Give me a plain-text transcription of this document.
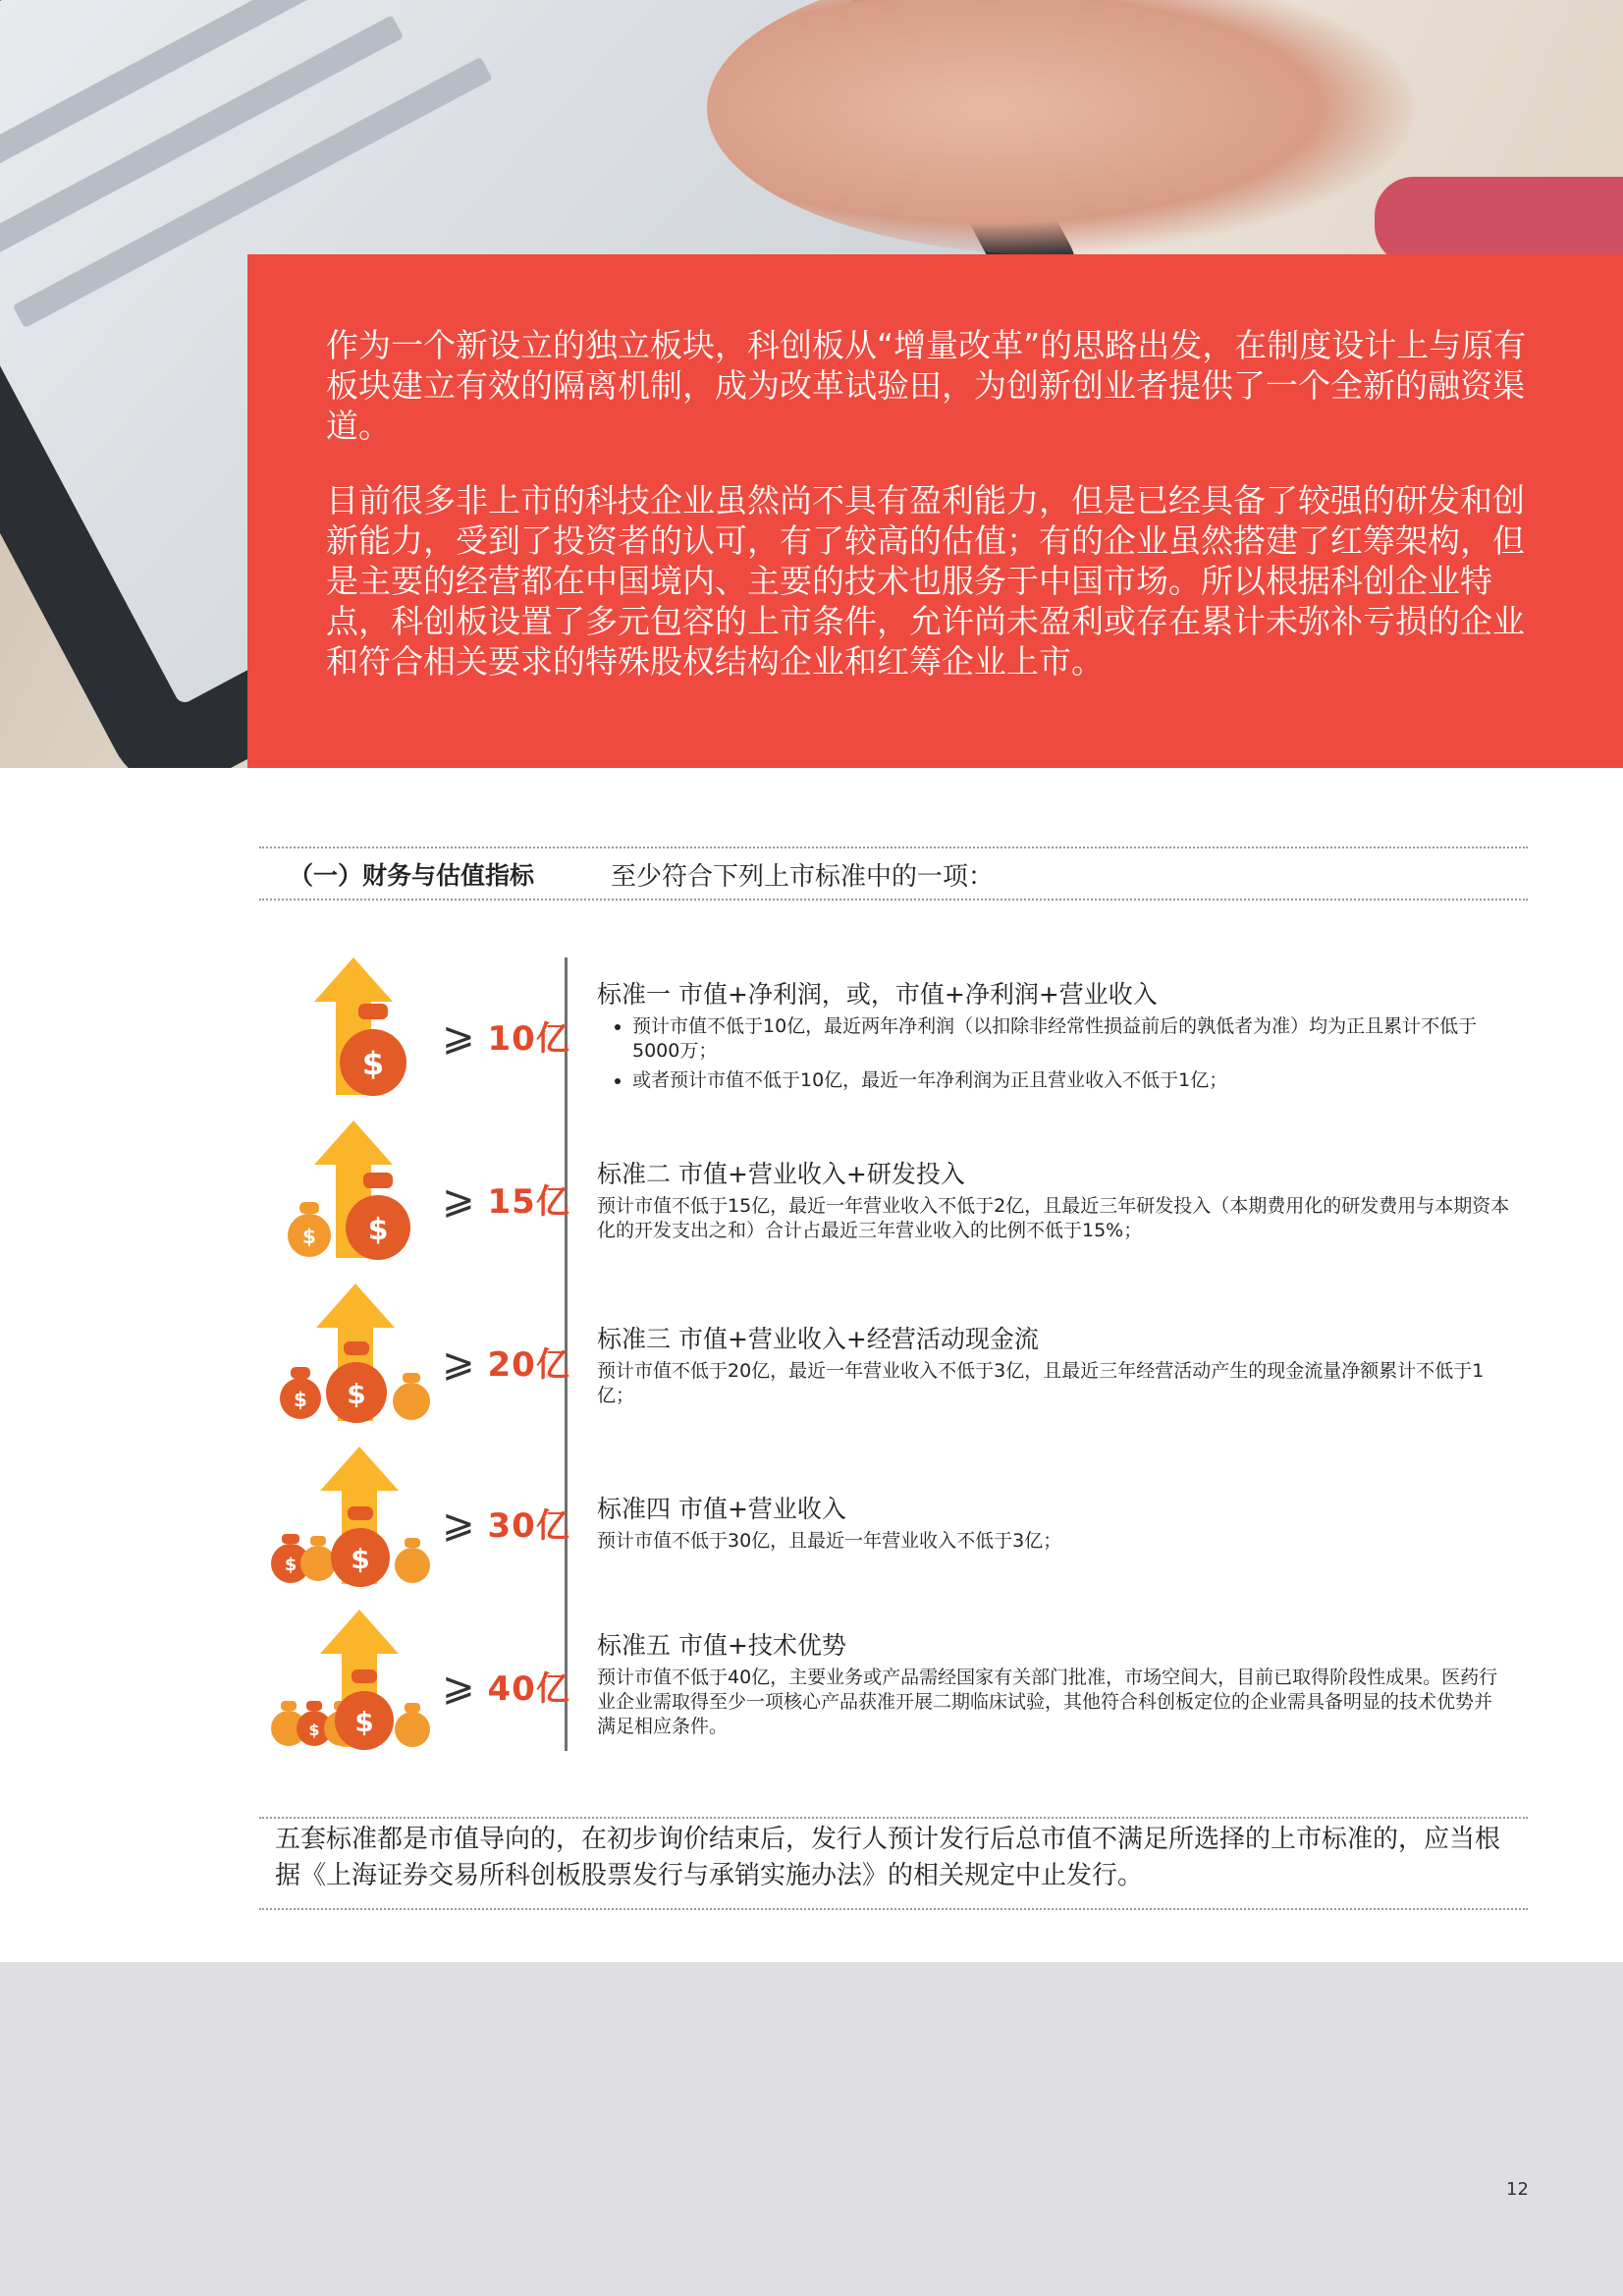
作为一个新设立的独立板块，科创板从“增量改革”的思路出发，在制度设计上与原有板块建立有效的隔离机制，成为改革试验田，为创新创业者提供了一个全新的融资渠道。

目前很多非上市的科技企业虽然尚不具有盈利能力，但是已经具备了较强的研发和创新能力，受到了投资者的认可，有了较高的估值；有的企业虽然搭建了红筹架构，但是主要的经营都在中国境内、主要的技术也服务于中国市场。所以根据科创企业特点，科创板设置了多元包容的上市条件，允许尚未盈利或存在累计未弥补亏损的企业和符合相关要求的特殊股权结构企业和红筹企业上市。

（一）财务与估值指标	至少符合下列上市标准中的一项：
$
⩾ 10亿

标准一 市值+净利润，或，市值+净利润+营业收入

• 预计市值不低于10亿，最近两年净利润（以扣除非经常性损益前后的孰低者为准）均为正且累计不低于5000万；
• 或者预计市值不低于10亿，最近一年净利润为正且营业收入不低于1亿；
$ $
⩾ 15亿

标准二 市值+营业收入+研发投入

预计市值不低于15亿，最近一年营业收入不低于2亿，且最近三年研发投入（本期费用化的研发费用与本期资本化的开发支出之和）合计占最近三年营业收入的比例不低于15%；

$ $
⩾ 20亿

标准三 市值+营业收入+经营活动现金流

预计市值不低于20亿，最近一年营业收入不低于3亿，且最近三年经营活动产生的现金流量净额累计不低于1亿；

$ $
⩾ 30亿 标准四 市值+营业收入

预计市值不低于30亿，且最近一年营业收入不低于3亿；

$ $
⩾ 40亿

标准五 市值+技术优势

预计市值不低于40亿，主要业务或产品需经国家有关部门批准，市场空间大，目前已取得阶段性成果。医药行业企业需取得至少一项核心产品获准开展二期临床试验，其他符合科创板定位的企业需具备明显的技术优势并满足相应条件。

五套标准都是市值导向的，在初步询价结束后，发行人预计发行后总市值不满足所选择的上市标准的，应当根据《上海证券交易所科创板股票发行与承销实施办法》的相关规定中止发行。
12
